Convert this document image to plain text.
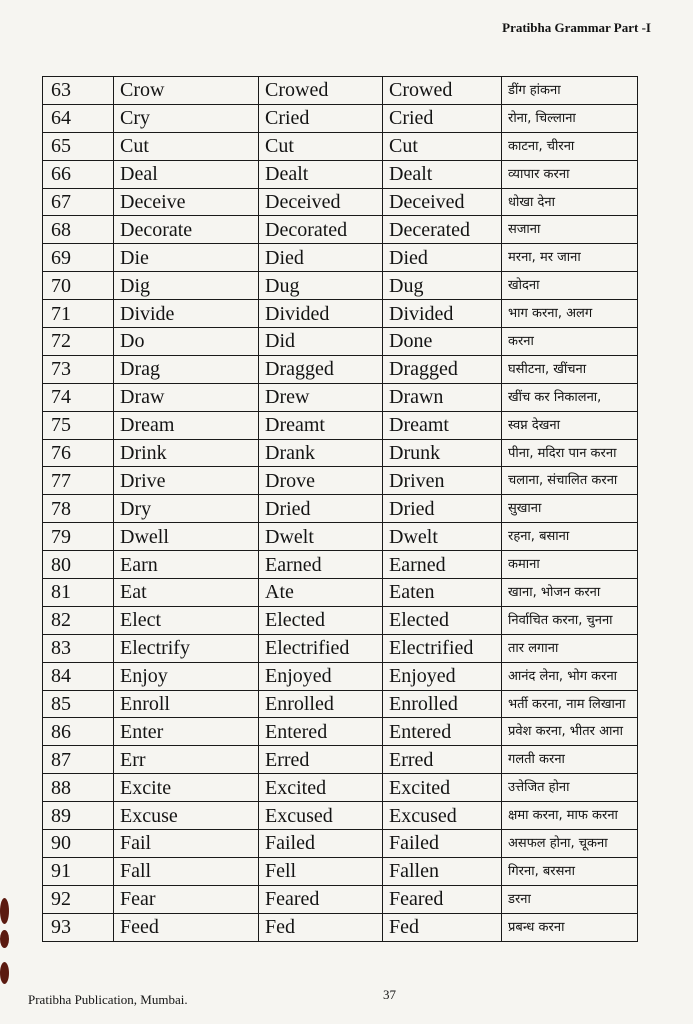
Pratibha Grammar Part -I
63	Crow	Crowed	Crowed	डींग हांकना
64	Cry	Cried	Cried	रोना, चिल्लाना
65	Cut	Cut	Cut	काटना, चीरना
66	Deal	Dealt	Dealt	व्यापार करना
67	Deceive	Deceived	Deceived	धोखा देना
68	Decorate	Decorated	Decerated	सजाना
69	Die	Died	Died	मरना, मर जाना
70	Dig	Dug	Dug	खोदना
71	Divide	Divided	Divided	भाग करना, अलग
72	Do	Did	Done	करना
73	Drag	Dragged	Dragged	घसीटना, खींचना
74	Draw	Drew	Drawn	खींच कर निकालना,
75	Dream	Dreamt	Dreamt	स्वप्न देखना
76	Drink	Drank	Drunk	पीना, मदिरा पान करना
77	Drive	Drove	Driven	चलाना, संचालित करना
78	Dry	Dried	Dried	सुखाना
79	Dwell	Dwelt	Dwelt	रहना, बसाना
80	Earn	Earned	Earned	कमाना
81	Eat	Ate	Eaten	खाना, भोजन करना
82	Elect	Elected	Elected	निर्वाचित करना, चुनना
83	Electrify	Electrified	Electrified	तार लगाना
84	Enjoy	Enjoyed	Enjoyed	आनंद लेना, भोग करना
85	Enroll	Enrolled	Enrolled	भर्ती करना, नाम लिखाना
86	Enter	Entered	Entered	प्रवेश करना, भीतर आना
87	Err	Erred	Erred	गलती करना
88	Excite	Excited	Excited	उत्तेजित होना
89	Excuse	Excused	Excused	क्षमा करना, माफ करना
90	Fail	Failed	Failed	असफल होना, चूकना
91	Fall	Fell	Fallen	गिरना, बरसना
92	Fear	Feared	Feared	डरना
93	Feed	Fed	Fed	प्रबन्ध करना
Pratibha Publication, Mumbai.	37
